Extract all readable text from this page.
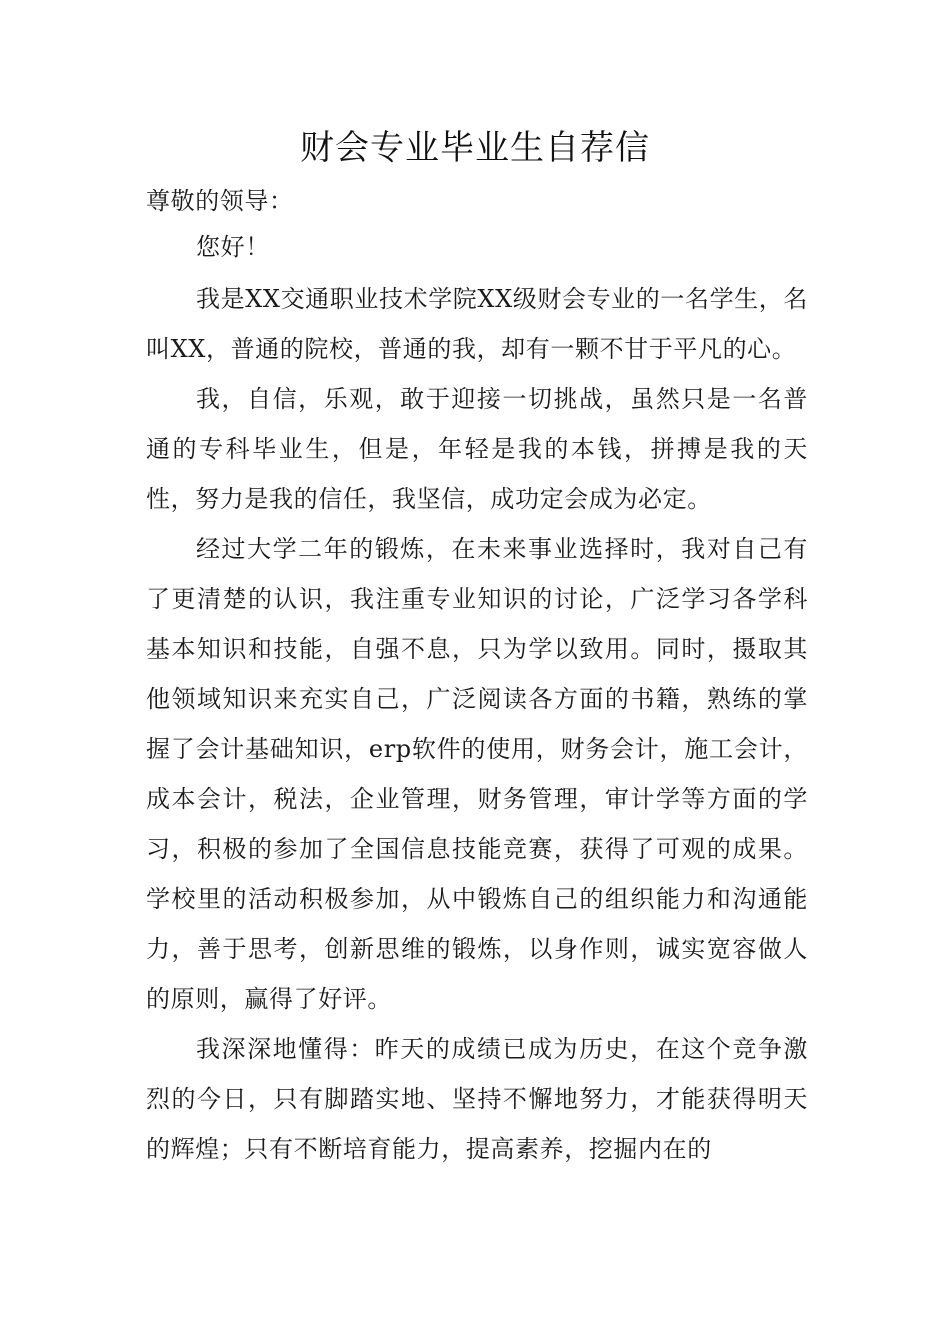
财会专业毕业生自荐信
尊敬的领导：
您好！

我是XX交通职业技术学院XX级财会专业的一名学生，名叫XX，普通的院校，普通的我，却有一颗不甘于平凡的心。

我，自信，乐观，敢于迎接一切挑战，虽然只是一名普通的专科毕业生，但是，年轻是我的本钱，拼搏是我的天性，努力是我的信任，我坚信，成功定会成为必定。

经过大学二年的锻炼，在未来事业选择时，我对自己有了更清楚的认识，我注重专业知识的讨论，广泛学习各学科基本知识和技能，自强不息，只为学以致用。同时，摄取其他领域知识来充实自己，广泛阅读各方面的书籍，熟练的掌握了会计基础知识，erp软件的使用，财务会计，施工会计，成本会计，税法，企业管理，财务管理，审计学等方面的学习，积极的参加了全国信息技能竞赛，获得了可观的成果。学校里的活动积极参加，从中锻炼自己的组织能力和沟通能力，善于思考，创新思维的锻炼，以身作则，诚实宽容做人的原则，赢得了好评。

我深深地懂得：昨天的成绩已成为历史，在这个竞争激烈的今日，只有脚踏实地、坚持不懈地努力，才能获得明天的辉煌；只有不断培育能力，提高素养，挖掘内在的
